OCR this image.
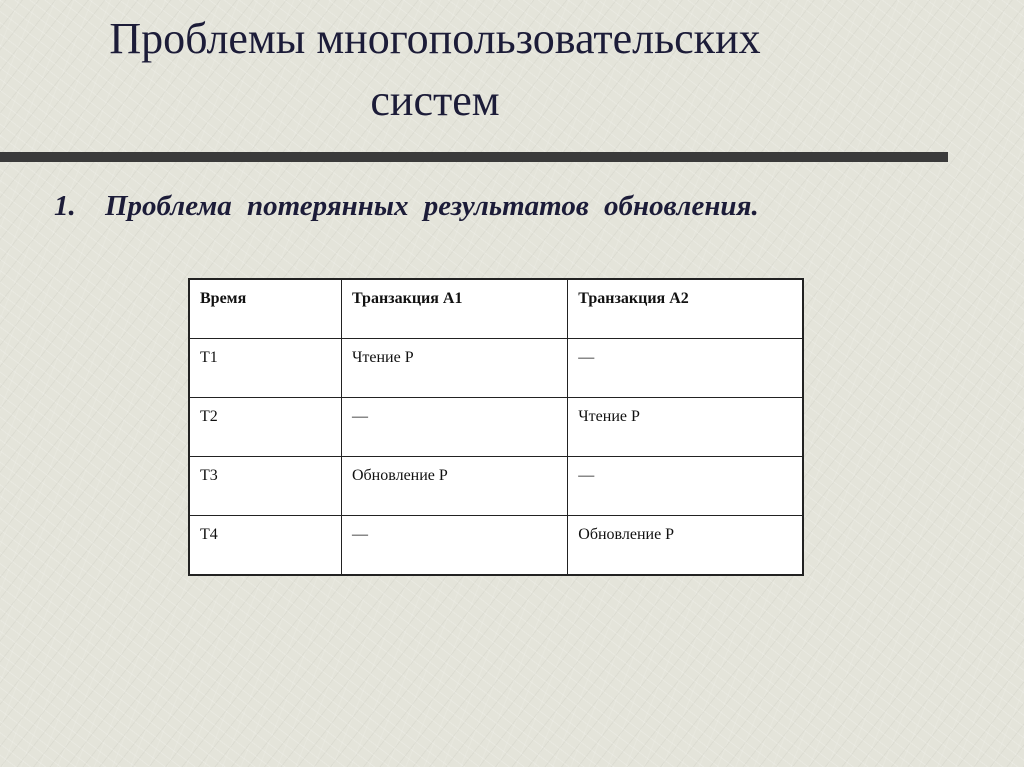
Проблемы многопользовательских
систем
1. Проблема потерянных результатов обновления.
Время	Транзакция А1	Транзакция А2
Т1	Чтение Р	—
Т2	—	Чтение Р
Т3	Обновление Р	—
Т4	—	Обновление Р
